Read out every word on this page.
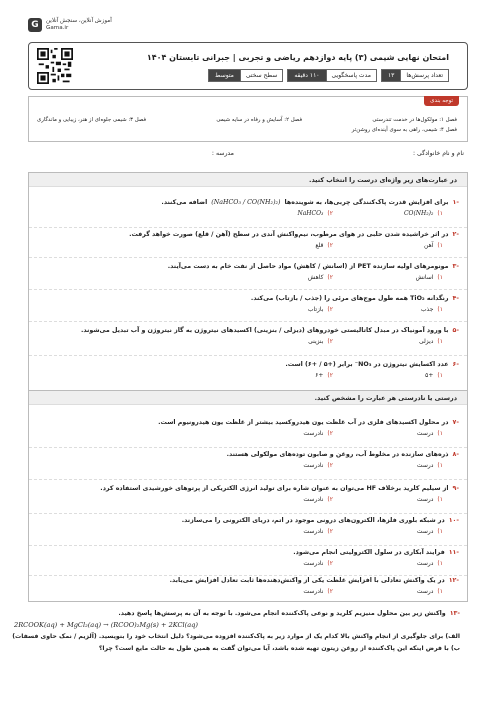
G	آموزش آنلاین، سنجش آنلاین
Gama.ir
امتحان نهایی شیمی (۳) پایه دوازدهم ریاضی و تجربی | جبرانی تابستان ۱۴۰۴
تعداد پرسش‌ها
۱۳
مدت پاسخگویی
۱۱۰ دقیقه
سطح سختی
متوسط
توجه بندی
فصل ۱: مولکول‌ها در خدمت تندرستی
فصل ۲: آسایش و رفاه در سایه شیمی
فصل ۳: شیمی جلوه‌ای از هنر، زیبایی و ماندگاری
فصل ۴: شیمی، راهی به سوی آینده‌ای روشن‌تر
نام و نام خانوادگی :
مدرسه :
در عبارت‌های زیر واژه‌ای درست را انتخاب کنید.
-۱
برای افزایش قدرت پاک‌کنندگی چربی‌ها، به شوینده‌ها
(NaHCO₃ / CO(NH₂)₂)
اضافه می‌کنند.
۱)CO(NH₂)₂
۲)NaHCO₃
-۲
در اثر خراشیده شدن حلبی در هوای مرطوب، نیم‌واکنش آندی در سطح (آهن / قلع) صورت خواهد گرفت.
۱)آهن
۲)قلع
-۳
مونومرهای اولیه سازنده PET از (اسانش / کاهش) مواد حاصل از نفت خام به دست می‌آیند.
۱)اسانش
۲)کاهش
-۴
رنگدانه TiO₂ همه طول موج‌های مرئی را (جذب / بازتاب) می‌کند.
۱)جذب
۲)بازتاب
-۵
با ورود آمونیاک در مبدل کاتالیستی خودروهای (دیزلی / بنزینی) اکسیدهای نیتروژن به گاز نیتروژن و آب تبدیل می‌شوند.
۱)دیزلی
۲)بنزینی
-۶
عدد اکسایش نیتروژن در NO₃⁻ برابر (+۵ / +۶) است.
۱)+۵
۲)+۶
درستی یا نادرستی هر عبارت را مشخص کنید.
-۷
در محلول اکسیدهای فلزی در آب غلظت یون هیدروکسید بیشتر از غلظت یون هیدرونیوم است.
۱)درست
۲)نادرست
-۸
ذره‌های سازنده در مخلوط آب، روغن و صابون توده‌های مولکولی هستند.
۱)درست
۲)نادرست
-۹
از سیلیم کلرید برخلاف HF می‌توان به عنوان شاره برای تولید انرژی الکتریکی از پرتوهای خورشیدی استفاده کرد.
۱)درست
۲)نادرست
-۱۰
در شبکه بلوری فلزها، الکترون‌های درونی موجود در اتم، دریای الکترونی را می‌سازند.
۱)درست
۲)نادرست
-۱۱
فرایند آبکاری در سلول الکترولیتی انجام می‌شود.
۱)درست
۲)نادرست
-۱۲
در یک واکنش تعادلی با افزایش غلظت یکی از واکنش‌دهنده‌ها ثابت تعادل افزایش می‌یابد.
۱)درست
۲)نادرست
-۱۳
واکنش زیر بین محلول منیزیم کلرید و نوعی پاک‌کننده انجام می‌شود. با توجه به آن به پرسش‌ها پاسخ دهید.
2RCOOK(aq) + MgCl₂(aq) → (RCOO)₂Mg(s) + 2KCl(aq)
الف) برای جلوگیری از انجام واکنش بالا کدام یک از موارد زیر به پاک‌کننده افزوده می‌شود؟ دلیل انتخاب خود را بنویسید. (آلزیم / نمک حاوی فسفات)
ب) با فرض اینکه این پاک‌کننده از روغن زیتون تهیه شده باشد، آیا می‌توان گفت به همین طول به حالت مایع است؟ چرا؟
